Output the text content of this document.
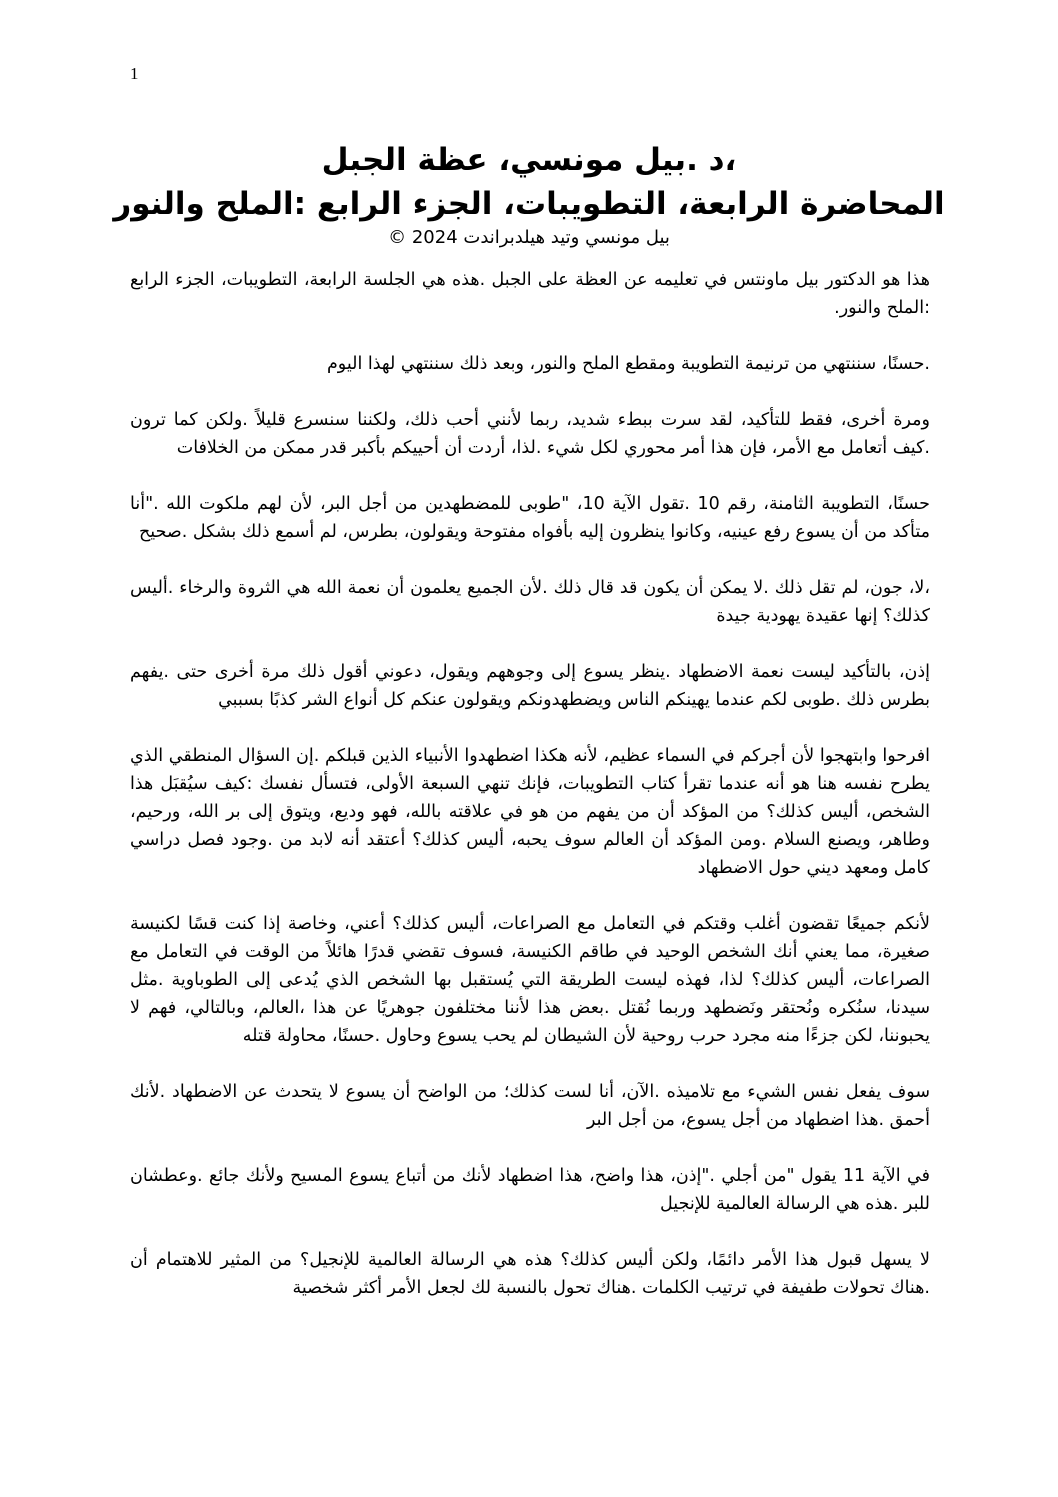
1
،د .بيل مونسي، عظة الجبل
المحاضرة الرابعة، التطويبات، الجزء الرابع :الملح والنور
بيل مونسي وتيد هيلدبراندت 2024 ©

هذا هو الدكتور بيل ماونتس في تعليمه عن العظة على الجبل .هذه هي الجلسة الرابعة، التطويبات، الجزء الرابع :الملح والنور.

.حسنًا، سننتهي من ترنيمة التطويبة ومقطع الملح والنور، وبعد ذلك سننتهي لهذا اليوم

ومرة أخرى، فقط للتأكيد، لقد سرت ببطء شديد، ربما لأنني أحب ذلك، ولكننا سنسرع قليلاً .ولكن كما ترون .كيف أتعامل مع الأمر، فإن هذا أمر محوري لكل شيء .لذا، أردت أن أحييكم بأكبر قدر ممكن من الخلافات

حسنًا، التطويبة الثامنة، رقم 10 .تقول الآية 10، "طوبى للمضطهدين من أجل البر، لأن لهم ملكوت الله ."أنا متأكد من أن يسوع رفع عينيه، وكانوا ينظرون إليه بأفواه مفتوحة ويقولون، بطرس، لم أسمع ذلك بشكل .صحيح

،لا، جون، لم تقل ذلك .لا يمكن أن يكون قد قال ذلك .لأن الجميع يعلمون أن نعمة الله هي الثروة والرخاء .أليس كذلك؟ إنها عقيدة يهودية جيدة

إذن، بالتأكيد ليست نعمة الاضطهاد .ينظر يسوع إلى وجوههم ويقول، دعوني أقول ذلك مرة أخرى حتى .يفهم بطرس ذلك .طوبى لكم عندما يهينكم الناس ويضطهدونكم ويقولون عنكم كل أنواع الشر كذبًا بسببي

افرحوا وابتهجوا لأن أجركم في السماء عظيم، لأنه هكذا اضطهدوا الأنبياء الذين قبلكم .إن السؤال المنطقي الذي يطرح نفسه هنا هو أنه عندما تقرأ كتاب التطويبات، فإنك تنهي السبعة الأولى، فتسأل نفسك :كيف سيُقبَل هذا الشخص، أليس كذلك؟ من المؤكد أن من يفهم من هو في علاقته بالله، فهو وديع، ويتوق إلى بر الله، ورحيم، وطاهر، ويصنع السلام .ومن المؤكد أن العالم سوف يحبه، أليس كذلك؟ أعتقد أنه لابد من .وجود فصل دراسي كامل ومعهد ديني حول الاضطهاد

لأنكم جميعًا تقضون أغلب وقتكم في التعامل مع الصراعات، أليس كذلك؟ أعني، وخاصة إذا كنت قسًا لكنيسة صغيرة، مما يعني أنك الشخص الوحيد في طاقم الكنيسة، فسوف تقضي قدرًا هائلاً من الوقت في التعامل مع الصراعات، أليس كذلك؟ لذا، فهذه ليست الطريقة التي يُستقبل بها الشخص الذي يُدعى إلى الطوباوية .مثل سيدنا، سنُكره ونُحتقر ونَضطهد وربما نُقتل .بعض هذا لأننا مختلفون جوهريًا عن هذا ،العالم، وبالتالي، فهم لا يحبوننا، لكن جزءًا منه مجرد حرب روحية لأن الشيطان لم يحب يسوع وحاول .حسنًا، محاولة قتله

سوف يفعل نفس الشيء مع تلاميذه .الآن، أنا لست كذلك؛ من الواضح أن يسوع لا يتحدث عن الاضطهاد .لأنك أحمق .هذا اضطهاد من أجل يسوع، من أجل البر

في الآية 11 يقول "من أجلي ."إذن، هذا واضح، هذا اضطهاد لأنك من أتباع يسوع المسيح ولأنك جائع .وعطشان للبر .هذه هي الرسالة العالمية للإنجيل

لا يسهل قبول هذا الأمر دائمًا، ولكن أليس كذلك؟ هذه هي الرسالة العالمية للإنجيل؟ من المثير للاهتمام أن .هناك تحولات طفيفة في ترتيب الكلمات .هناك تحول بالنسبة لك لجعل الأمر أكثر شخصية
